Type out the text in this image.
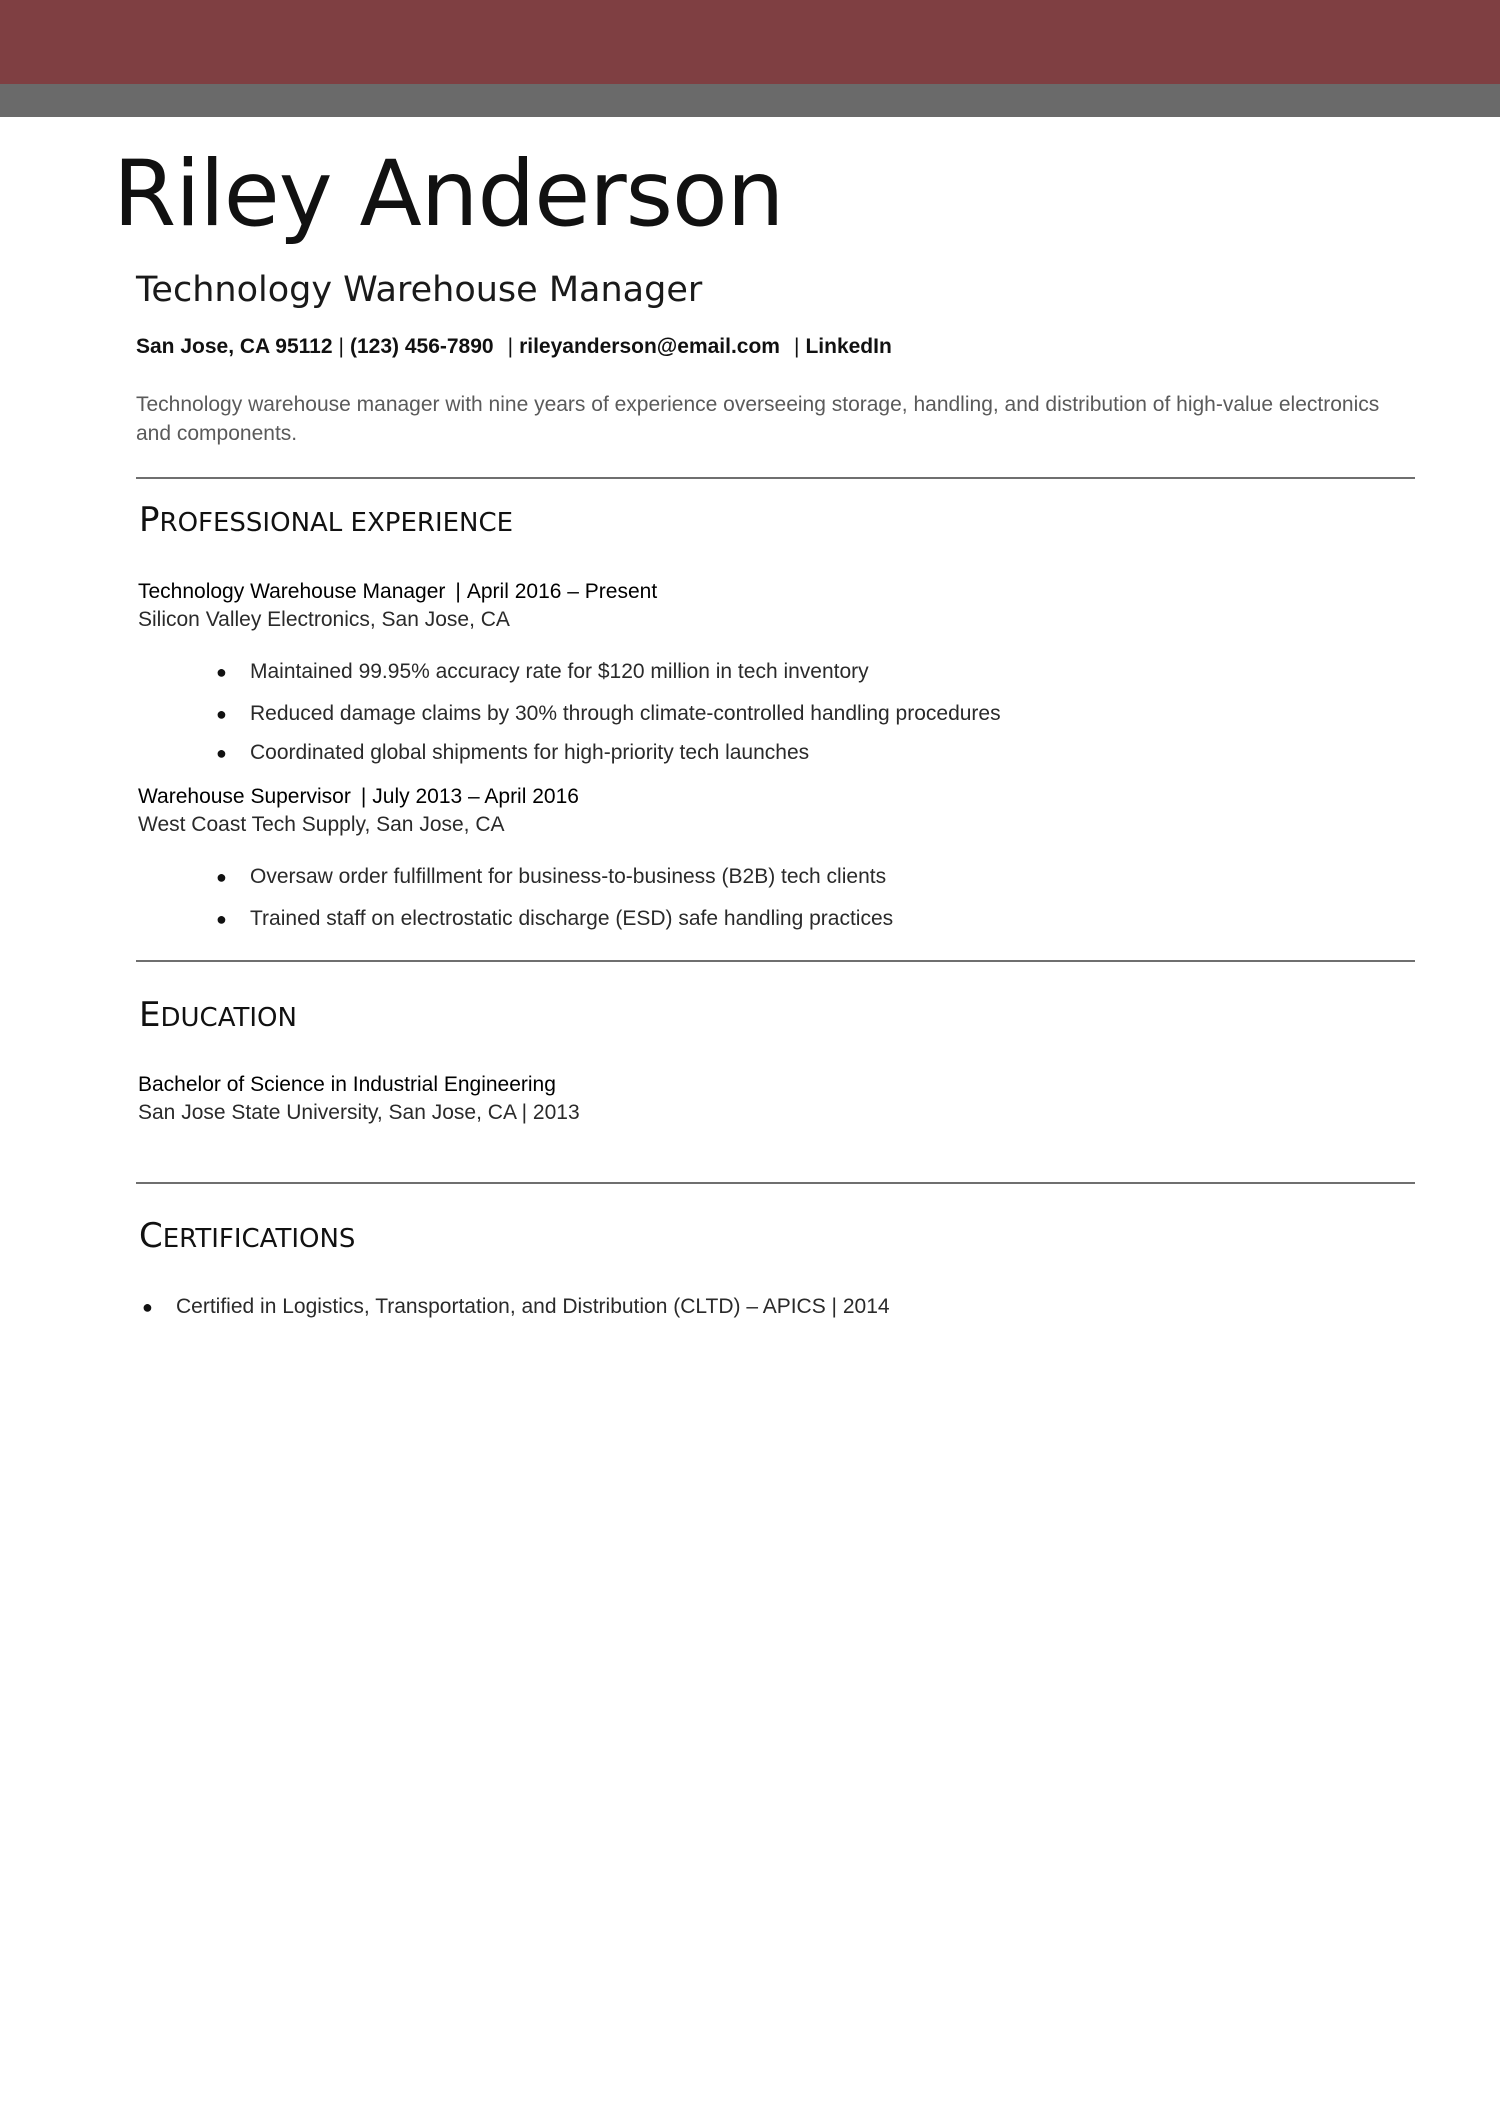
Riley Anderson
Technology Warehouse Manager
San Jose, CA 95112 | (123) 456-7890 | rileyanderson@email.com | LinkedIn

Technology warehouse manager with nine years of experience overseeing storage, handling, and distribution of high-value electronics and components.

PROFESSIONAL EXPERIENCE
Technology Warehouse Manager | April 2016 – Present
Silicon Valley Electronics, San Jose, CA
● Maintained 99.95% accuracy rate for $120 million in tech inventory
● Reduced damage claims by 30% through climate-controlled handling procedures
● Coordinated global shipments for high-priority tech launches
Warehouse Supervisor | July 2013 – April 2016
West Coast Tech Supply, San Jose, CA
● Oversaw order fulfillment for business-to-business (B2B) tech clients
● Trained staff on electrostatic discharge (ESD) safe handling practices
EDUCATION
Bachelor of Science in Industrial Engineering
San Jose State University, San Jose, CA | 2013
CERTIFICATIONS
● Certified in Logistics, Transportation, and Distribution (CLTD) – APICS | 2014
